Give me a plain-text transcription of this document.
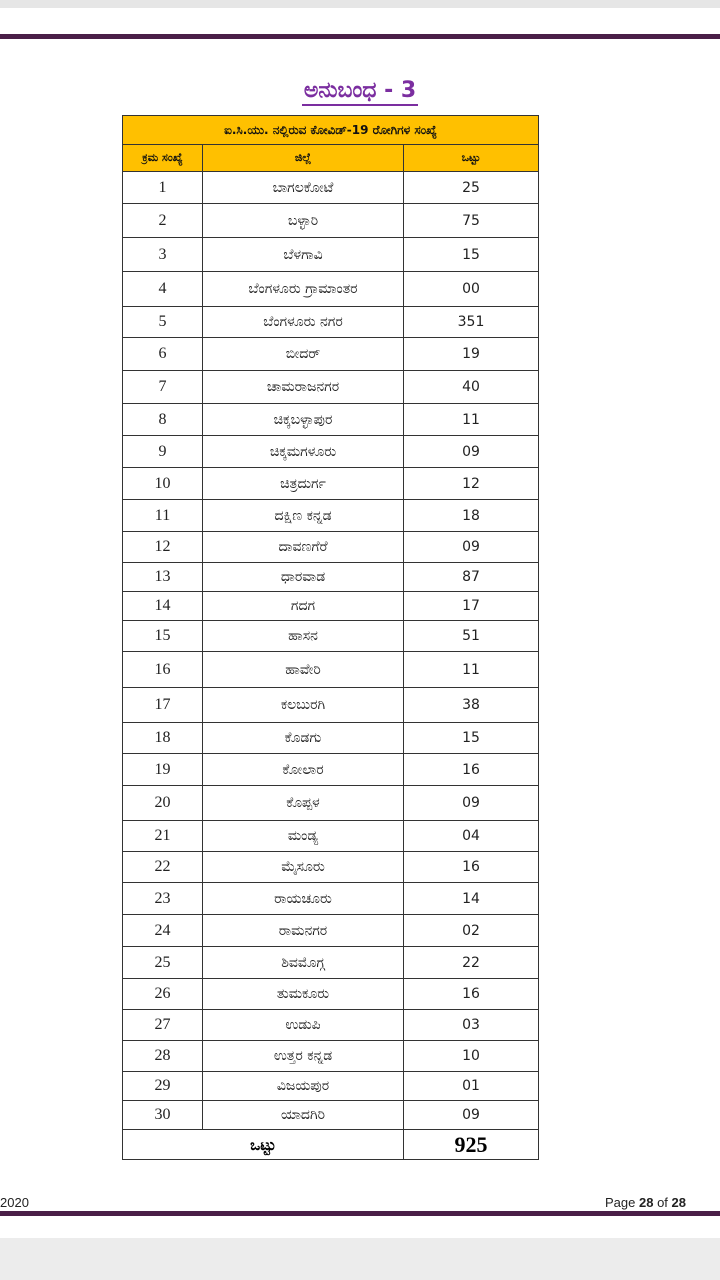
ಅನುಬಂಧ - 3
ಐ.ಸಿ.ಯು. ನಲ್ಲಿರುವ ಕೋವಿಡ್-19 ರೋಗಿಗಳ ಸಂಖ್ಯೆ		
ಕ್ರಮ ಸಂಖ್ಯೆ	ಜಿಲ್ಲೆ	ಒಟ್ಟು
1	ಬಾಗಲಕೋಟೆ	25
2	ಬಳ್ಳಾರಿ	75
3	ಬೆಳಗಾವಿ	15
4	ಬೆಂಗಳೂರು ಗ್ರಾಮಾಂತರ	00
5	ಬೆಂಗಳೂರು ನಗರ	351
6	ಬೀದರ್	19
7	ಚಾಮರಾಜನಗರ	40
8	ಚಿಕ್ಕಬಳ್ಳಾಪುರ	11
9	ಚಿಕ್ಕಮಗಳೂರು	09
10	ಚಿತ್ರದುರ್ಗ	12
11	ದಕ್ಷಿಣ ಕನ್ನಡ	18
12	ದಾವಣಗೆರೆ	09
13	ಧಾರವಾಡ	87
14	ಗದಗ	17
15	ಹಾಸನ	51
16	ಹಾವೇರಿ	11
17	ಕಲಬುರಗಿ	38
18	ಕೊಡಗು	15
19	ಕೋಲಾರ	16
20	ಕೊಪ್ಪಳ	09
21	ಮಂಡ್ಯ	04
22	ಮೈಸೂರು	16
23	ರಾಯಚೂರು	14
24	ರಾಮನಗರ	02
25	ಶಿವಮೊಗ್ಗ	22
26	ತುಮಕೂರು	16
27	ಉಡುಪಿ	03
28	ಉತ್ತರ ಕನ್ನಡ	10
29	ವಿಜಯಪುರ	01
30	ಯಾದಗಿರಿ	09
ಒಟ್ಟು		925
2020	Page 28 of 28
